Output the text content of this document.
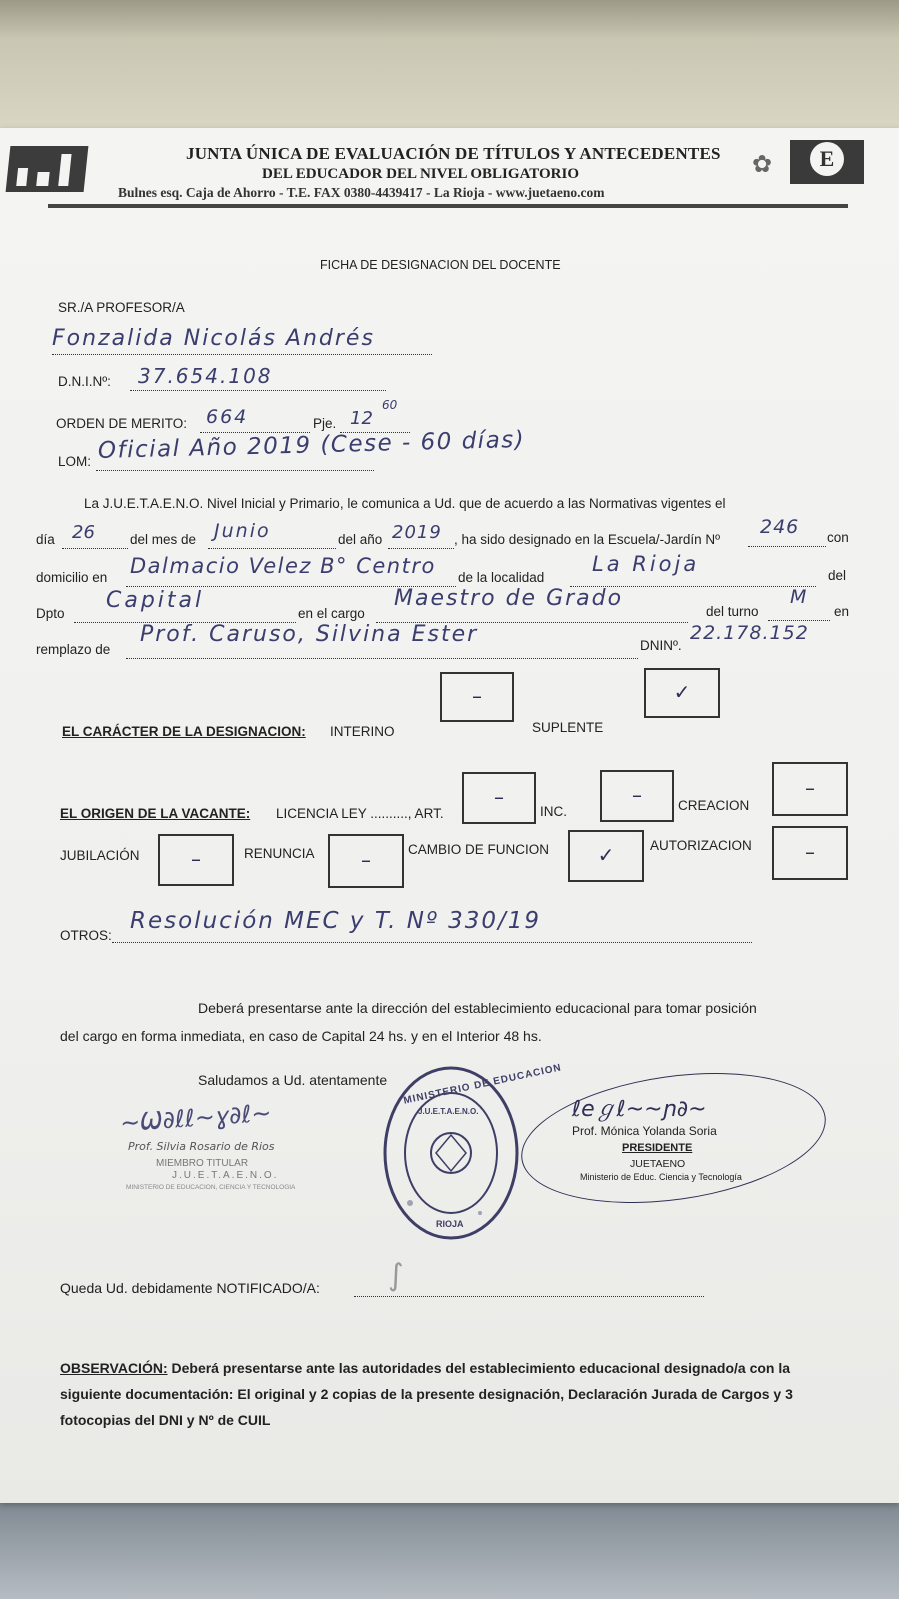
E
✿
JUNTA ÚNICA DE EVALUACIÓN DE TÍTULOS Y ANTECEDENTES
DEL EDUCADOR DEL NIVEL OBLIGATORIO
Bulnes esq. Caja de Ahorro - T.E. FAX 0380-4439417 - La Rioja - www.juetaeno.com
FICHA DE DESIGNACION DEL DOCENTE
SR./A PROFESOR/A
Fonzalida Nicolás Andrés
D.N.I.Nº: 37.654.108
ORDEN DE MERITO: 664	Pje. 12
60
LOM: Oficial Año 2019 (Cese - 60 días)
La J.U.E.T.A.E.N.O. Nivel Inicial y Primario, le comunica a Ud. que de acuerdo a las Normativas vigentes el
día 26	del mes de Junio	del año 2019 , ha sido designado en la Escuela/-Jardín Nº
246 con
domicilio en Dalmacio Velez B° Centro de la localidad
La Rioja	del
Dpto
Capital
en el cargo
Maestro de Grado
del turno
M
en
remplazo de
Prof. Caruso, Silvina Ester	DNINº.
22.178.152
–	✓
EL CARÁCTER DE LA DESIGNACION: INTERINO	SUPLENTE
EL ORIGEN DE LA VACANTE: LICENCIA LEY .........., ART.
–
INC.
–	CREACION
–
JUBILACIÓN	–	RENUNCIA	–	CAMBIO DE FUNCION	✓	AUTORIZACION	–
OTROS:
Resolución MEC y T. Nº 330/19
Deberá presentarse ante la dirección del establecimiento educacional para tomar posición
del cargo en forma inmediata, en caso de Capital 24 hs. y en el Interior 48 hs.
Saludamos a Ud. atentamente
~Ѡ∂ℓℓ~ɣ∂ℓ~
Prof. Silvia Rosario de Rios
MIEMBRO TITULAR
J.U.E.T.A.E.N.O.
MINISTERIO DE EDUCACION, CIENCIA Y TECNOLOGIA
MINISTERIO DE EDUCACION
J.U.E.T.A.E.N.O.
RIOJA
ℓeℊℓ~~ɲ∂~
Prof. Mónica Yolanda Soria
PRESIDENTE
JUETAENO
Ministerio de Educ. Ciencia y Tecnología
Queda Ud. debidamente NOTIFICADO/A: ∫
OBSERVACIÓN: Deberá presentarse ante las autoridades del establecimiento educacional designado/a con la
siguiente documentación: El original y 2 copias de la presente designación, Declaración Jurada de Cargos y 3
fotocopias del DNI y Nº de CUIL
